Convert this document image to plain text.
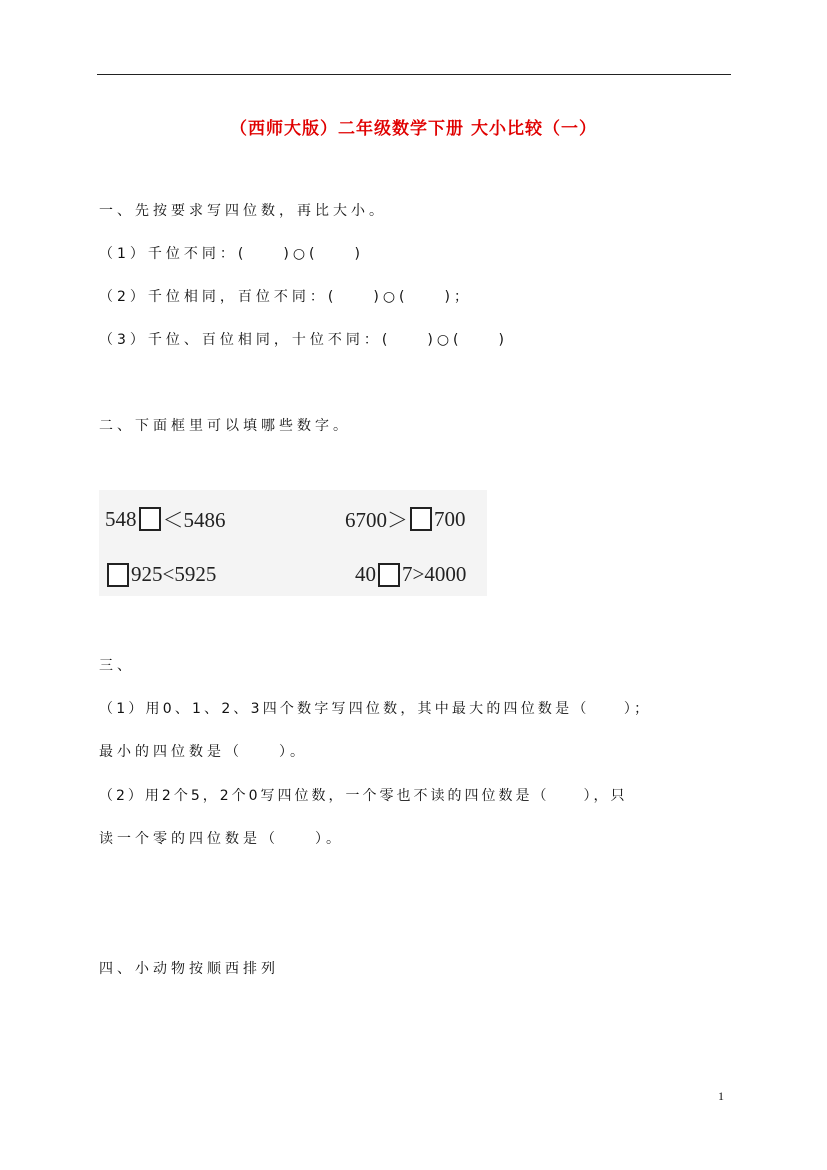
（西师大版）二年级数学下册 大小比较（一）
一、先按要求写四位数，再比大小。
（1）千位不同：(　　)○(　　)
（2）千位相同，百位不同：(　　)○(　　)；
（3）千位、百位相同，十位不同：(　　)○(　　)
二、下面框里可以填哪些数字。
548 ＜5486	6700＞ 700
925<5925	40 7>4000
三、
（1）用0、1、2、3四个数字写四位数，其中最大的四位数是（　　）；
最小的四位数是（　　）。
（2）用2个5，2个0写四位数，一个零也不读的四位数是（　　），只
读一个零的四位数是（　　）。
四、小动物按顺西排列
1
